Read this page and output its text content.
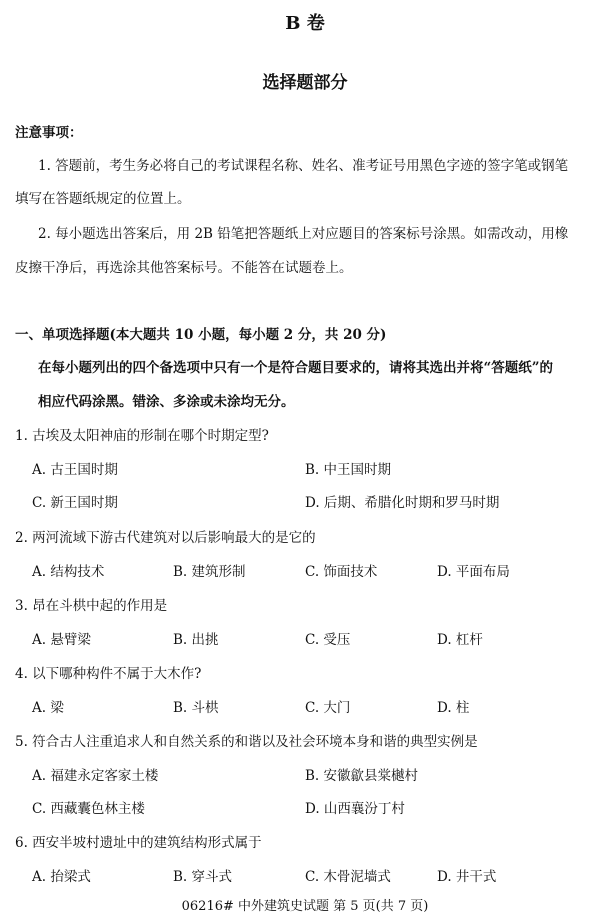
B 卷
选择题部分
注意事项：
1. 答题前，考生务必将自己的考试课程名称、姓名、准考证号用黑色字迹的签字笔或钢笔
填写在答题纸规定的位置上。
2. 每小题选出答案后，用 2B 铅笔把答题纸上对应题目的答案标号涂黑。如需改动，用橡
皮擦干净后，再选涂其他答案标号。不能答在试题卷上。
一、单项选择题(本大题共 10 小题，每小题 2 分，共 20 分)
在每小题列出的四个备选项中只有一个是符合题目要求的，请将其选出并将“答题纸”的
相应代码涂黑。错涂、多涂或未涂均无分。
1. 古埃及太阳神庙的形制在哪个时期定型?
A. 古王国时期	B. 中王国时期
C. 新王国时期	D. 后期、希腊化时期和罗马时期
2. 两河流域下游古代建筑对以后影响最大的是它的
A. 结构技术	B. 建筑形制	C. 饰面技术	D. 平面布局
3. 昂在斗栱中起的作用是
A. 悬臂梁	B. 出挑	C. 受压	D. 杠杆
4. 以下哪种构件不属于大木作?
A. 梁	B. 斗栱	C. 大门	D. 柱
5. 符合古人注重追求人和自然关系的和谐以及社会环境本身和谐的典型实例是
A. 福建永定客家土楼	B. 安徽歙县棠樾村
C. 西藏囊色林主楼	D. 山西襄汾丁村
6. 西安半坡村遗址中的建筑结构形式属于
A. 抬梁式	B. 穿斗式	C. 木骨泥墙式	D. 井干式
06216# 中外建筑史试题 第 5 页(共 7 页)
